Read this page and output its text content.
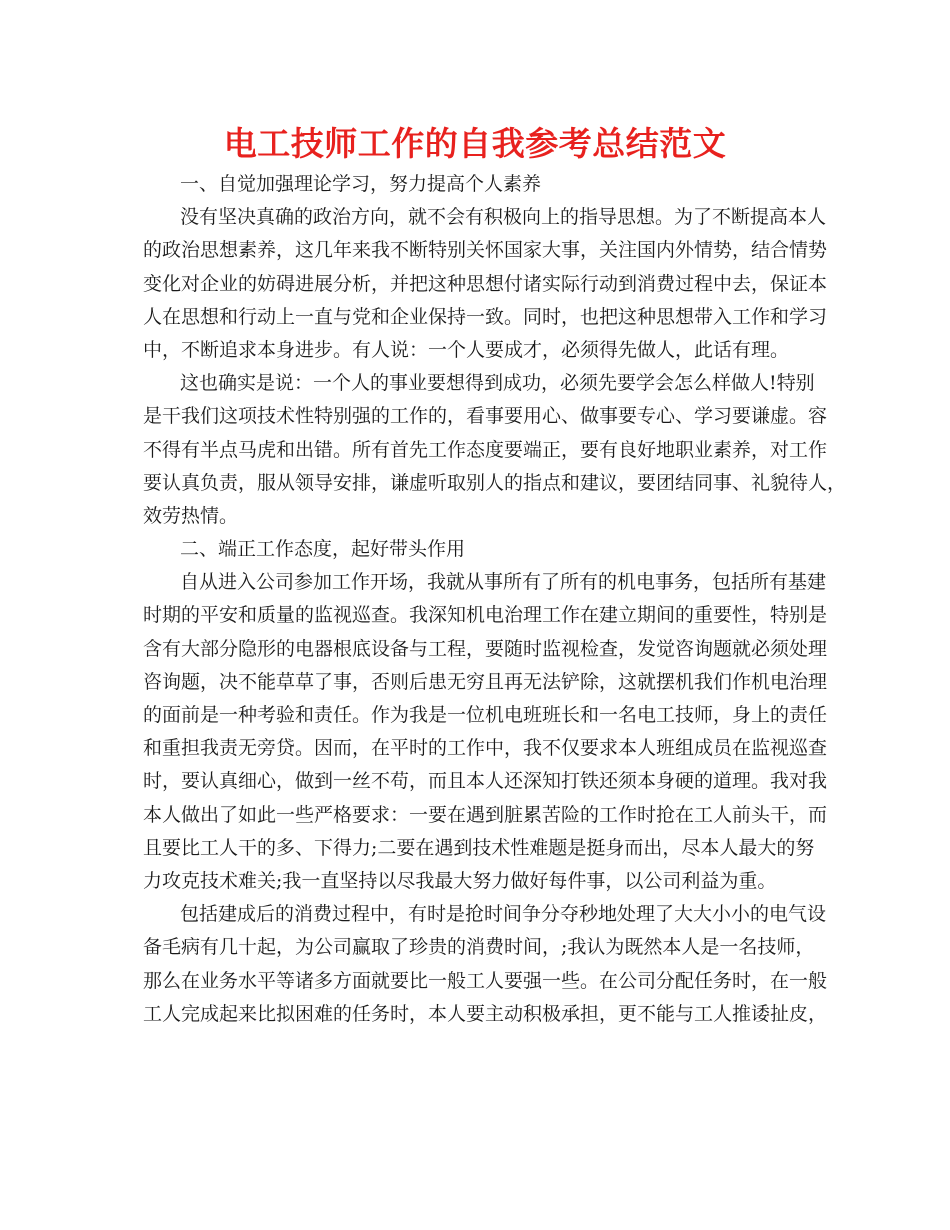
电工技师工作的自我参考总结范文
一、自觉加强理论学习，努力提高个人素养
没有坚决真确的政治方向，就不会有积极向上的指导思想。为了不断提高本人
的政治思想素养，这几年来我不断特别关怀国家大事，关注国内外情势，结合情势
变化对企业的妨碍进展分析，并把这种思想付诸实际行动到消费过程中去，保证本
人在思想和行动上一直与党和企业保持一致。同时，也把这种思想带入工作和学习
中，不断追求本身进步。有人说：一个人要成才，必须得先做人，此话有理。
这也确实是说：一个人的事业要想得到成功，必须先要学会怎么样做人!特别
是干我们这项技术性特别强的工作的，看事要用心、做事要专心、学习要谦虚。容
不得有半点马虎和出错。所有首先工作态度要端正，要有良好地职业素养，对工作
要认真负责，服从领导安排，谦虚听取别人的指点和建议，要团结同事、礼貌待人，
效劳热情。
二、端正工作态度，起好带头作用
自从进入公司参加工作开场，我就从事所有了所有的机电事务，包括所有基建
时期的平安和质量的监视巡查。我深知机电治理工作在建立期间的重要性，特别是
含有大部分隐形的电器根底设备与工程，要随时监视检查，发觉咨询题就必须处理
咨询题，决不能草草了事，否则后患无穷且再无法铲除，这就摆机我们作机电治理
的面前是一种考验和责任。作为我是一位机电班班长和一名电工技师，身上的责任
和重担我责无旁贷。因而，在平时的工作中，我不仅要求本人班组成员在监视巡查
时，要认真细心，做到一丝不苟，而且本人还深知打铁还须本身硬的道理。我对我
本人做出了如此一些严格要求：一要在遇到脏累苦险的工作时抢在工人前头干，而
且要比工人干的多、下得力;二要在遇到技术性难题是挺身而出，尽本人最大的努
力攻克技术难关;我一直坚持以尽我最大努力做好每件事，以公司利益为重。
包括建成后的消费过程中，有时是抢时间争分夺秒地处理了大大小小的电气设
备毛病有几十起，为公司赢取了珍贵的消费时间，;我认为既然本人是一名技师，
那么在业务水平等诸多方面就要比一般工人要强一些。在公司分配任务时，在一般
工人完成起来比拟困难的任务时，本人要主动积极承担，更不能与工人推诿扯皮，
